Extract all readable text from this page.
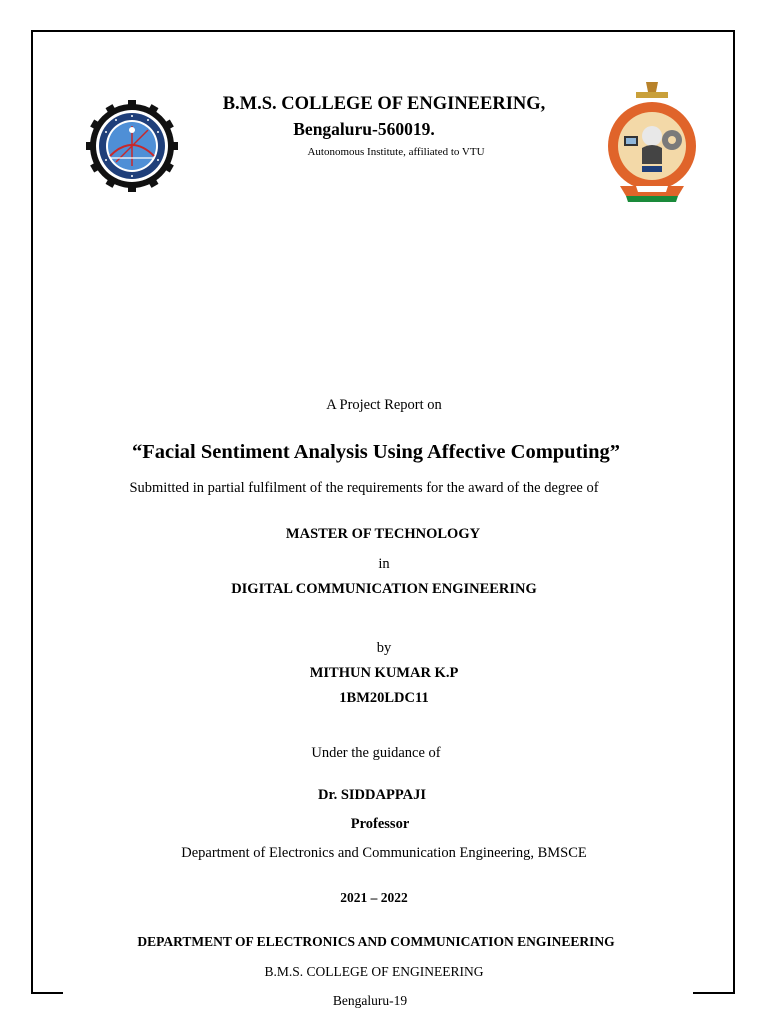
B.M.S. COLLEGE OF ENGINEERING,
Bengaluru-560019.
Autonomous Institute, affiliated to VTU
A Project Report on
“Facial Sentiment Analysis Using Affective Computing”
Submitted in partial fulfilment of the requirements for the award of the degree of
MASTER OF TECHNOLOGY
in
DIGITAL COMMUNICATION ENGINEERING
by
MITHUN KUMAR K.P
1BM20LDC11
Under the guidance of
Dr. SIDDAPPAJI
Professor
Department of Electronics and Communication Engineering, BMSCE
2021 – 2022
DEPARTMENT OF ELECTRONICS AND COMMUNICATION ENGINEERING
B.M.S. COLLEGE OF ENGINEERING
Bengaluru-19
